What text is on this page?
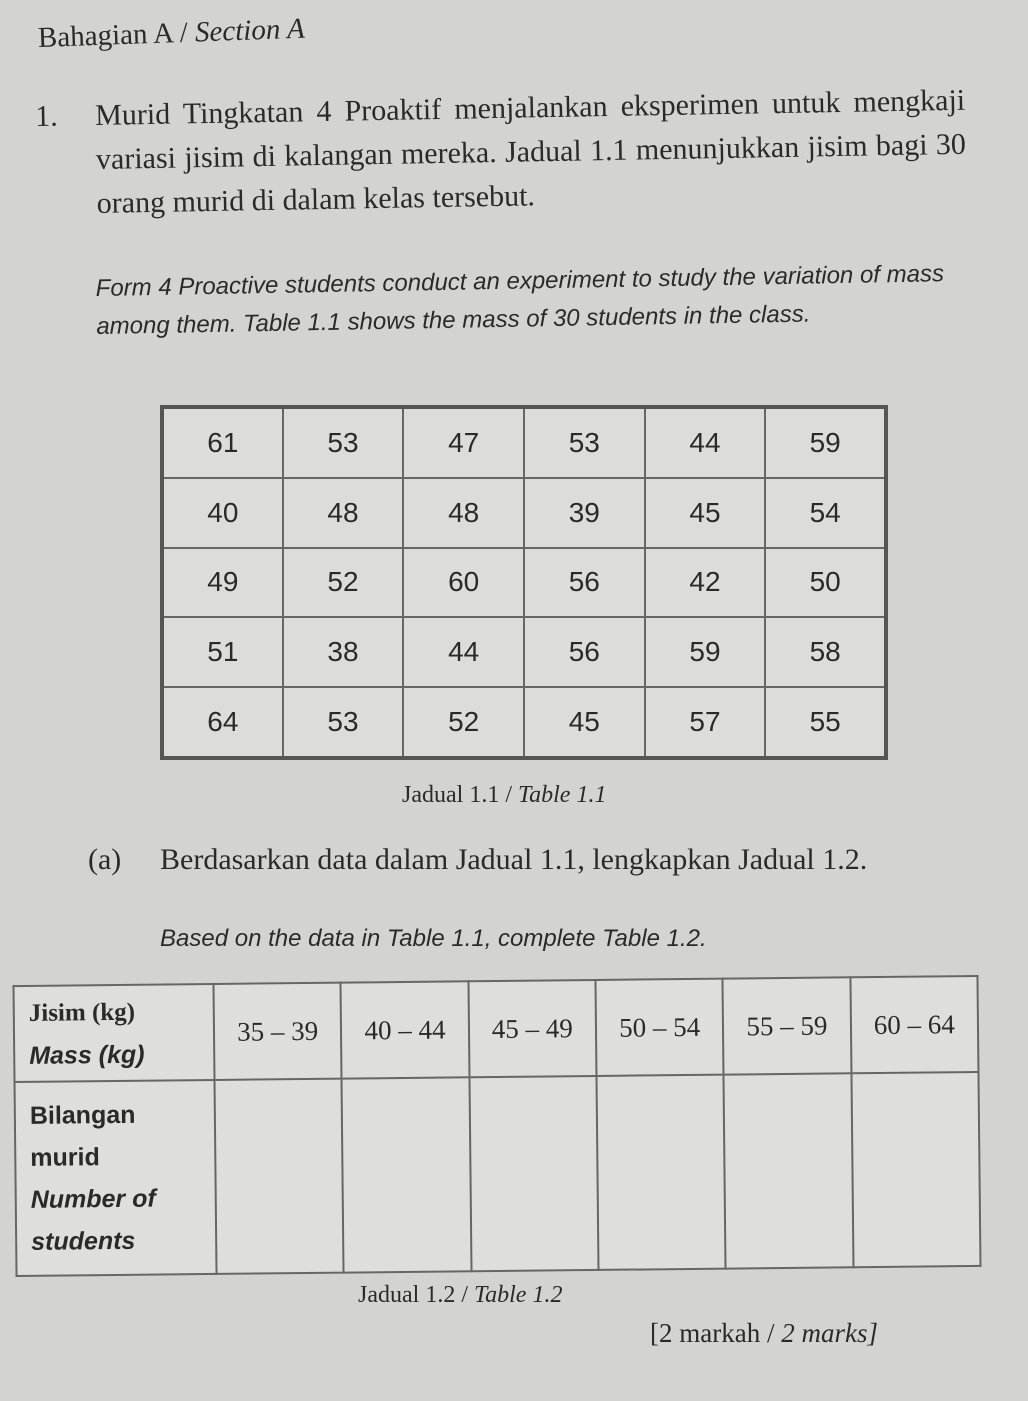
Bahagian A / Section A
1. Murid Tingkatan 4 Proaktif menjalankan eksperimen untuk mengkaji variasi jisim di kalangan mereka. Jadual 1.1 menunjukkan jisim bagi 30 orang murid di dalam kelas tersebut.
Form 4 Proactive students conduct an experiment to study the variation of mass among them. Table 1.1 shows the mass of 30 students in the class.
61	53	47	53	44	59
40	48	48	39	45	54
49	52	60	56	42	50
51	38	44	56	59	58
64	53	52	45	57	55
Jadual 1.1 / Table 1.1
(a) Berdasarkan data dalam Jadual 1.1, lengkapkan Jadual 1.2.
Based on the data in Table 1.1, complete Table 1.2.
Jisim (kg)
Mass (kg)	35 – 39	40 – 44	45 – 49	50 – 54	55 – 59	60 – 64
Bilangan murid
Number of students						
Jadual 1.2 / Table 1.2
[2 markah / 2 marks]
